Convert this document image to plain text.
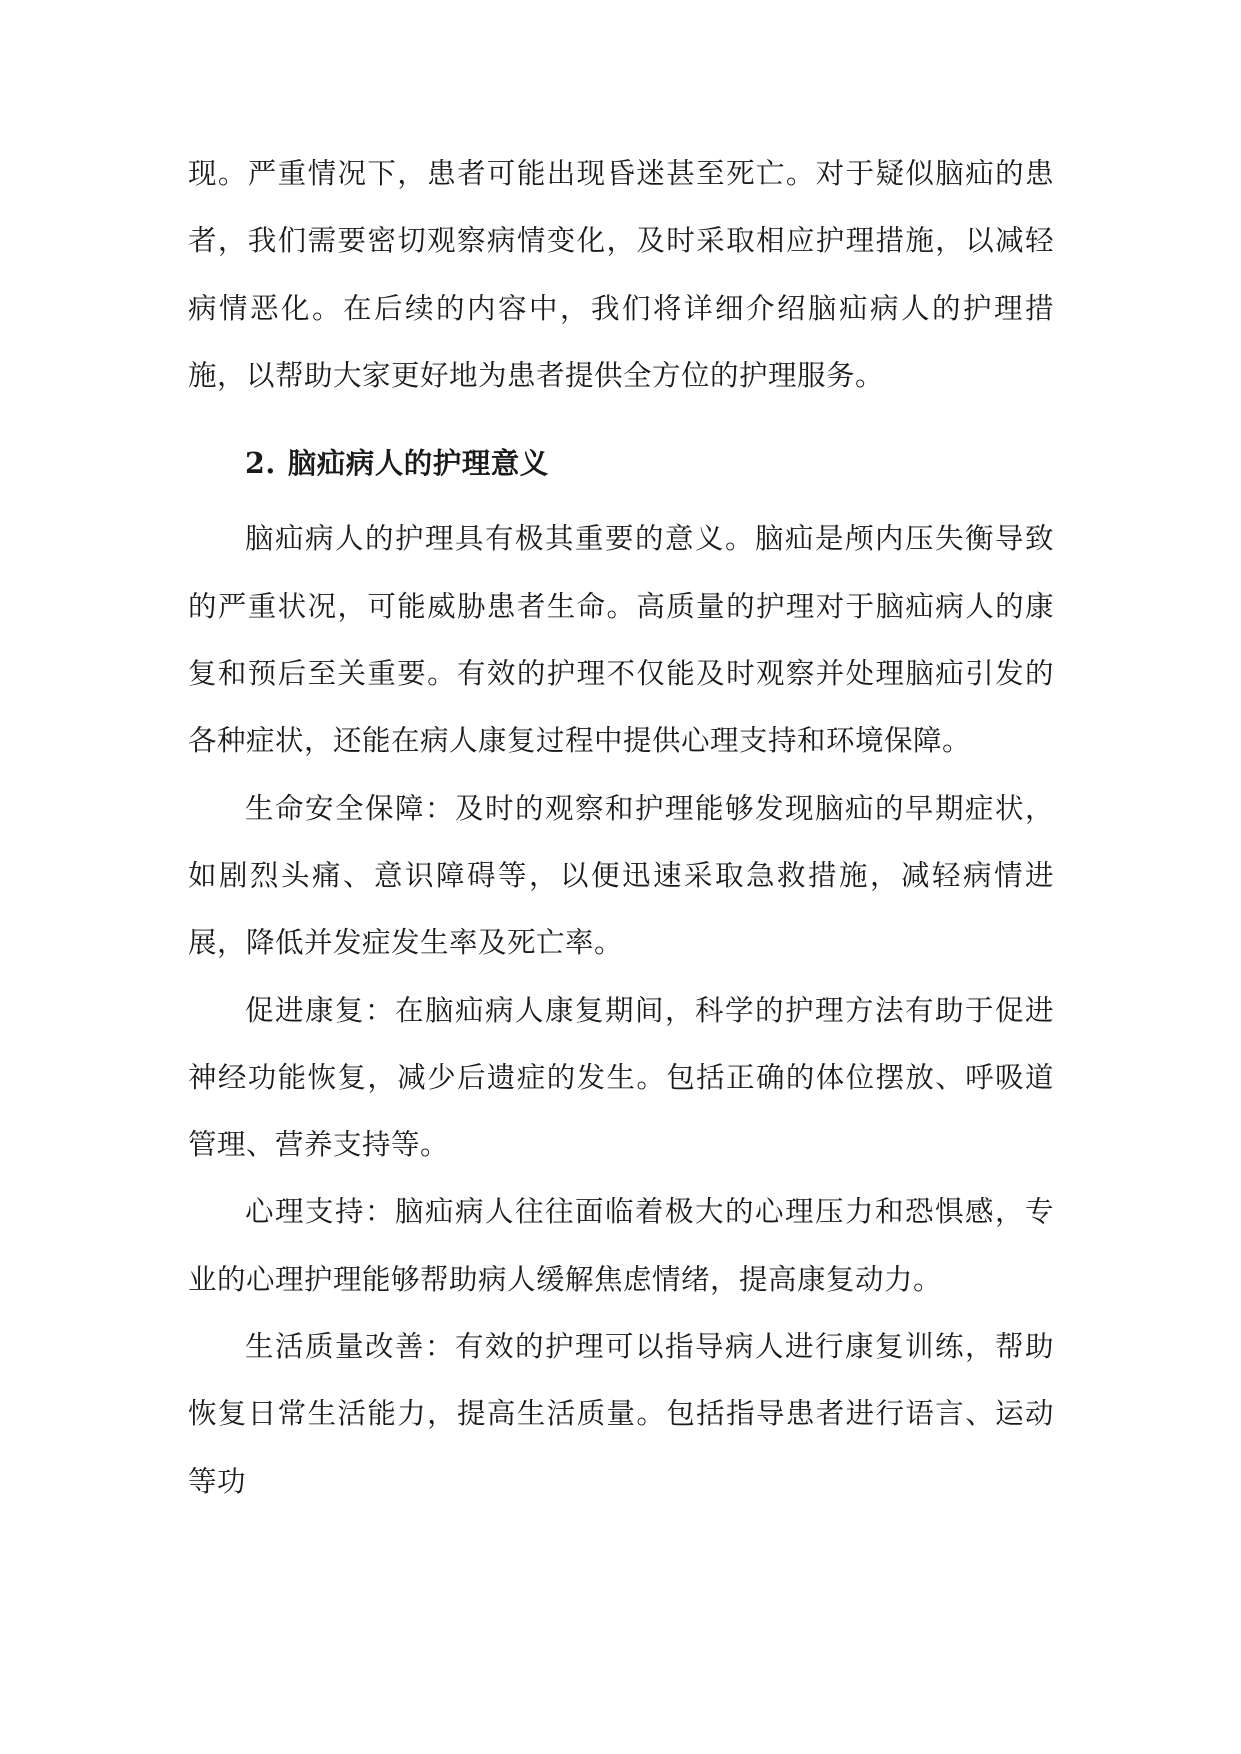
现。严重情况下，患者可能出现昏迷甚至死亡。对于疑似脑疝的患者，我们需要密切观察病情变化，及时采取相应护理措施，以减轻病情恶化。在后续的内容中，我们将详细介绍脑疝病人的护理措施，以帮助大家更好地为患者提供全方位的护理服务。

2. 脑疝病人的护理意义

脑疝病人的护理具有极其重要的意义。脑疝是颅内压失衡导致的严重状况，可能威胁患者生命。高质量的护理对于脑疝病人的康复和预后至关重要。有效的护理不仅能及时观察并处理脑疝引发的各种症状，还能在病人康复过程中提供心理支持和环境保障。

生命安全保障：及时的观察和护理能够发现脑疝的早期症状，如剧烈头痛、意识障碍等，以便迅速采取急救措施，减轻病情进展，降低并发症发生率及死亡率。

促进康复：在脑疝病人康复期间，科学的护理方法有助于促进神经功能恢复，减少后遗症的发生。包括正确的体位摆放、呼吸道管理、营养支持等。

心理支持：脑疝病人往往面临着极大的心理压力和恐惧感，专业的心理护理能够帮助病人缓解焦虑情绪，提高康复动力。

生活质量改善：有效的护理可以指导病人进行康复训练，帮助恢复日常生活能力，提高生活质量。包括指导患者进行语言、运动等功
